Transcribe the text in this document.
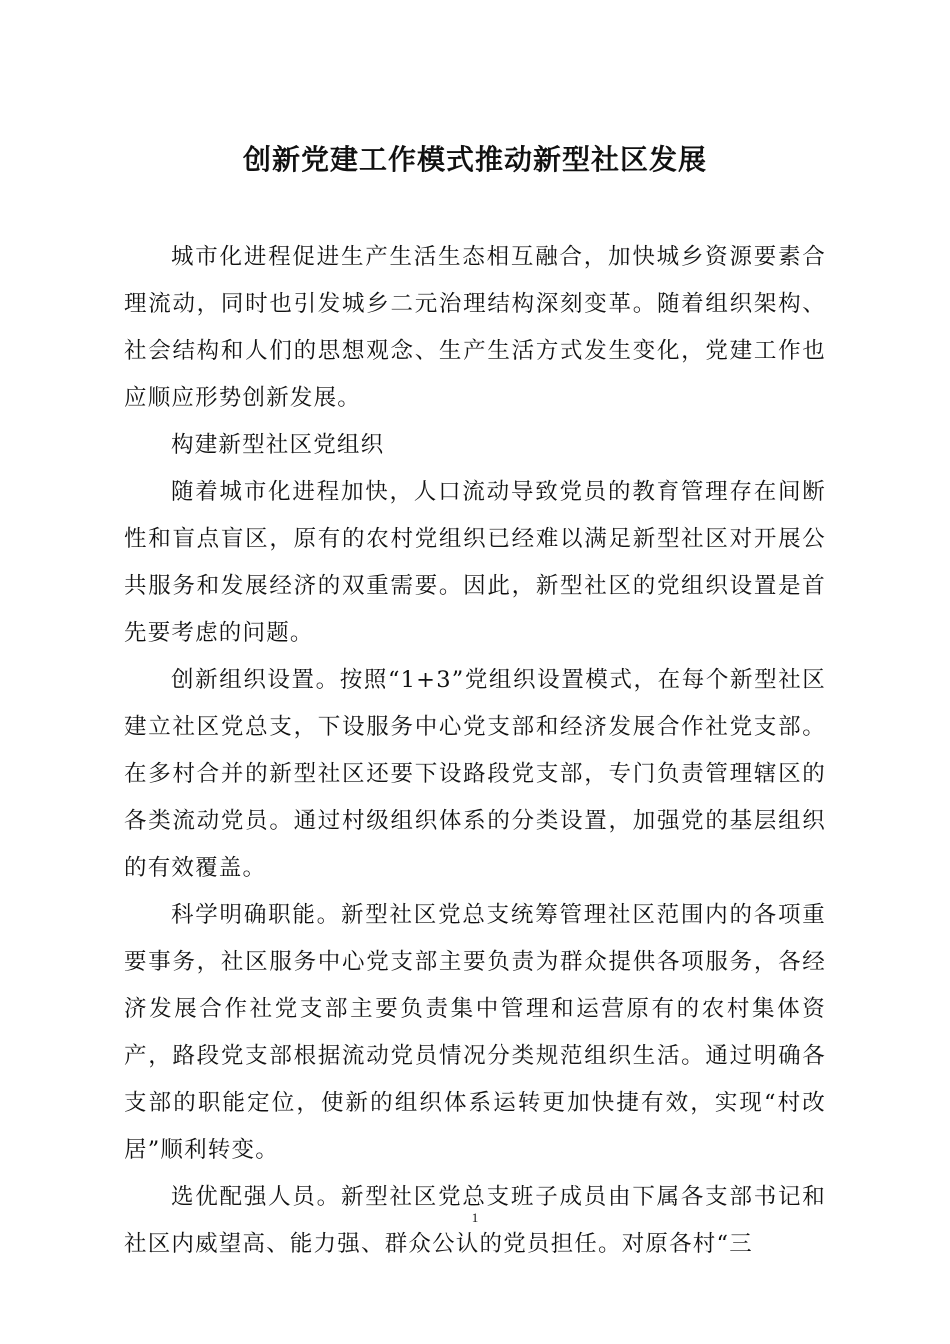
创新党建工作模式推动新型社区发展

城市化进程促进生产生活生态相互融合，加快城乡资源要素合理流动，同时也引发城乡二元治理结构深刻变革。随着组织架构、社会结构和人们的思想观念、生产生活方式发生变化，党建工作也应顺应形势创新发展。

构建新型社区党组织

随着城市化进程加快，人口流动导致党员的教育管理存在间断性和盲点盲区，原有的农村党组织已经难以满足新型社区对开展公共服务和发展经济的双重需要。因此，新型社区的党组织设置是首先要考虑的问题。

创新组织设置。按照“1+3”党组织设置模式，在每个新型社区建立社区党总支，下设服务中心党支部和经济发展合作社党支部。在多村合并的新型社区还要下设路段党支部，专门负责管理辖区的各类流动党员。通过村级组织体系的分类设置，加强党的基层组织的有效覆盖。

科学明确职能。新型社区党总支统筹管理社区范围内的各项重要事务，社区服务中心党支部主要负责为群众提供各项服务，各经济发展合作社党支部主要负责集中管理和运营原有的农村集体资产，路段党支部根据流动党员情况分类规范组织生活。通过明确各支部的职能定位，使新的组织体系运转更加快捷有效，实现“村改居”顺利转变。

选优配强人员。新型社区党总支班子成员由下属各支部书记和社区内威望高、能力强、群众公认的党员担任。对原各村“三

1
